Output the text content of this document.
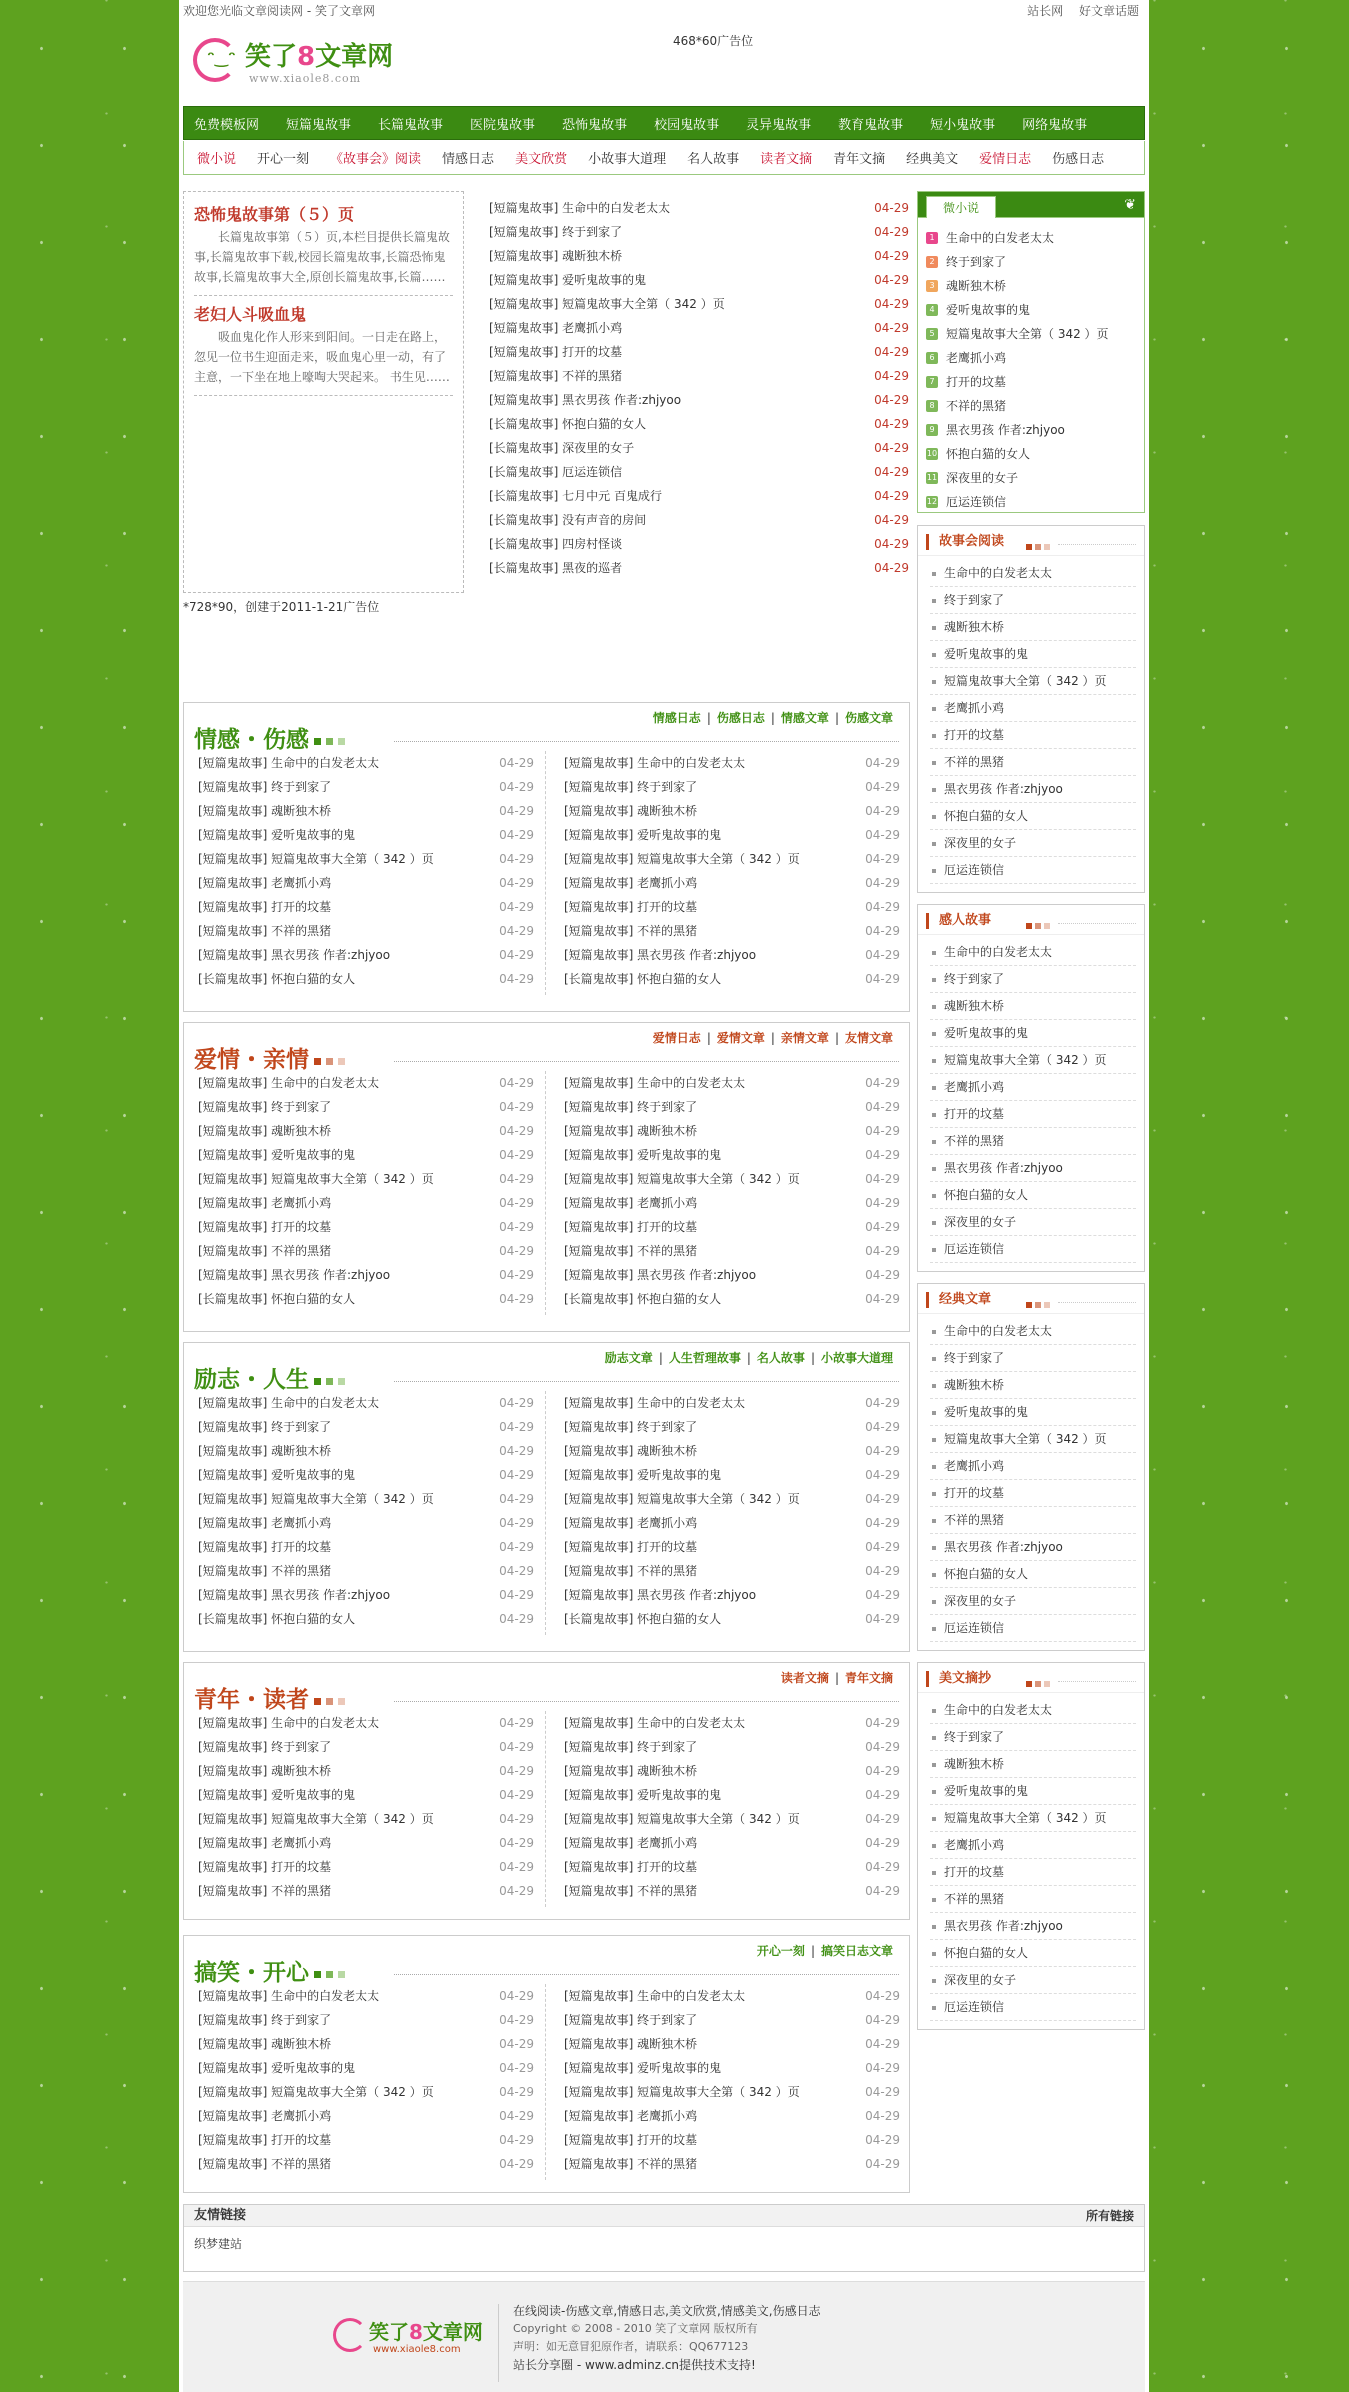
欢迎您光临文章阅读网 - 笑了文章网	站长网 好文章话题
ᵔ‿ᵔ 笑了8文章网
www.xiaole8.com
468*60广告位
免费模板网 短篇鬼故事 长篇鬼故事 医院鬼故事 恐怖鬼故事 校园鬼故事 灵异鬼故事 教育鬼故事 短小鬼故事 网络鬼故事
微小说 开心一刻 《故事会》阅读 情感日志 美文欣赏 小故事大道理 名人故事 读者文摘 青年文摘 经典美文 爱情日志 伤感日志
恐怖鬼故事第（５）页

长篇鬼故事第（５）页,本栏目提供长篇鬼故事,长篇鬼故事下载,校园长篇鬼故事,长篇恐怖鬼故事,长篇鬼故事大全,原创长篇鬼故事,长篇……

老妇人斗吸血鬼

吸血鬼化作人形来到阳间。一日走在路上，忽见一位书生迎面走来，吸血鬼心里一动，有了主意，一下坐在地上嚎啕大哭起来。 书生见……

[短篇鬼故事] 生命中的白发老太太	04-29
[短篇鬼故事] 终于到家了	04-29
[短篇鬼故事] 魂断独木桥	04-29
[短篇鬼故事] 爱听鬼故事的鬼	04-29
[短篇鬼故事] 短篇鬼故事大全第（ 342 ）页	04-29
[短篇鬼故事] 老鹰抓小鸡	04-29
[短篇鬼故事] 打开的坟墓	04-29
[短篇鬼故事] 不祥的黑猪	04-29
[短篇鬼故事] 黑衣男孩 作者:zhjyoo	04-29
[长篇鬼故事] 怀抱白猫的女人	04-29
[长篇鬼故事] 深夜里的女子	04-29
[长篇鬼故事] 厄运连锁信	04-29
[长篇鬼故事] 七月中元 百鬼成行	04-29
[长篇鬼故事] 没有声音的房间	04-29
[长篇鬼故事] 四房村怪谈	04-29
[长篇鬼故事] 黑夜的巡者	04-29
*728*90，创建于2011-1-21广告位
情感・伤感
情感日志 | 伤感日志 | 情感文章 | 伤感文章
[短篇鬼故事] 生命中的白发老太太	04-29
[短篇鬼故事] 终于到家了	04-29
[短篇鬼故事] 魂断独木桥	04-29
[短篇鬼故事] 爱听鬼故事的鬼	04-29
[短篇鬼故事] 短篇鬼故事大全第（ 342 ）页	04-29
[短篇鬼故事] 老鹰抓小鸡	04-29
[短篇鬼故事] 打开的坟墓	04-29
[短篇鬼故事] 不祥的黑猪	04-29
[短篇鬼故事] 黑衣男孩 作者:zhjyoo	04-29
[长篇鬼故事] 怀抱白猫的女人	04-29
[短篇鬼故事] 生命中的白发老太太	04-29
[短篇鬼故事] 终于到家了	04-29
[短篇鬼故事] 魂断独木桥	04-29
[短篇鬼故事] 爱听鬼故事的鬼	04-29
[短篇鬼故事] 短篇鬼故事大全第（ 342 ）页	04-29
[短篇鬼故事] 老鹰抓小鸡	04-29
[短篇鬼故事] 打开的坟墓	04-29
[短篇鬼故事] 不祥的黑猪	04-29
[短篇鬼故事] 黑衣男孩 作者:zhjyoo	04-29
[长篇鬼故事] 怀抱白猫的女人	04-29
爱情・亲情
爱情日志 | 爱情文章 | 亲情文章 | 友情文章
[短篇鬼故事] 生命中的白发老太太	04-29
[短篇鬼故事] 终于到家了	04-29
[短篇鬼故事] 魂断独木桥	04-29
[短篇鬼故事] 爱听鬼故事的鬼	04-29
[短篇鬼故事] 短篇鬼故事大全第（ 342 ）页	04-29
[短篇鬼故事] 老鹰抓小鸡	04-29
[短篇鬼故事] 打开的坟墓	04-29
[短篇鬼故事] 不祥的黑猪	04-29
[短篇鬼故事] 黑衣男孩 作者:zhjyoo	04-29
[长篇鬼故事] 怀抱白猫的女人	04-29
[短篇鬼故事] 生命中的白发老太太	04-29
[短篇鬼故事] 终于到家了	04-29
[短篇鬼故事] 魂断独木桥	04-29
[短篇鬼故事] 爱听鬼故事的鬼	04-29
[短篇鬼故事] 短篇鬼故事大全第（ 342 ）页	04-29
[短篇鬼故事] 老鹰抓小鸡	04-29
[短篇鬼故事] 打开的坟墓	04-29
[短篇鬼故事] 不祥的黑猪	04-29
[短篇鬼故事] 黑衣男孩 作者:zhjyoo	04-29
[长篇鬼故事] 怀抱白猫的女人	04-29
励志・人生
励志文章 | 人生哲理故事 | 名人故事 | 小故事大道理
[短篇鬼故事] 生命中的白发老太太	04-29
[短篇鬼故事] 终于到家了	04-29
[短篇鬼故事] 魂断独木桥	04-29
[短篇鬼故事] 爱听鬼故事的鬼	04-29
[短篇鬼故事] 短篇鬼故事大全第（ 342 ）页	04-29
[短篇鬼故事] 老鹰抓小鸡	04-29
[短篇鬼故事] 打开的坟墓	04-29
[短篇鬼故事] 不祥的黑猪	04-29
[短篇鬼故事] 黑衣男孩 作者:zhjyoo	04-29
[长篇鬼故事] 怀抱白猫的女人	04-29
[短篇鬼故事] 生命中的白发老太太	04-29
[短篇鬼故事] 终于到家了	04-29
[短篇鬼故事] 魂断独木桥	04-29
[短篇鬼故事] 爱听鬼故事的鬼	04-29
[短篇鬼故事] 短篇鬼故事大全第（ 342 ）页	04-29
[短篇鬼故事] 老鹰抓小鸡	04-29
[短篇鬼故事] 打开的坟墓	04-29
[短篇鬼故事] 不祥的黑猪	04-29
[短篇鬼故事] 黑衣男孩 作者:zhjyoo	04-29
[长篇鬼故事] 怀抱白猫的女人	04-29
青年・读者
读者文摘 | 青年文摘
[短篇鬼故事] 生命中的白发老太太	04-29
[短篇鬼故事] 终于到家了	04-29
[短篇鬼故事] 魂断独木桥	04-29
[短篇鬼故事] 爱听鬼故事的鬼	04-29
[短篇鬼故事] 短篇鬼故事大全第（ 342 ）页	04-29
[短篇鬼故事] 老鹰抓小鸡	04-29
[短篇鬼故事] 打开的坟墓	04-29
[短篇鬼故事] 不祥的黑猪	04-29
[短篇鬼故事] 生命中的白发老太太	04-29
[短篇鬼故事] 终于到家了	04-29
[短篇鬼故事] 魂断独木桥	04-29
[短篇鬼故事] 爱听鬼故事的鬼	04-29
[短篇鬼故事] 短篇鬼故事大全第（ 342 ）页	04-29
[短篇鬼故事] 老鹰抓小鸡	04-29
[短篇鬼故事] 打开的坟墓	04-29
[短篇鬼故事] 不祥的黑猪	04-29
搞笑・开心
开心一刻 | 搞笑日志文章
[短篇鬼故事] 生命中的白发老太太	04-29
[短篇鬼故事] 终于到家了	04-29
[短篇鬼故事] 魂断独木桥	04-29
[短篇鬼故事] 爱听鬼故事的鬼	04-29
[短篇鬼故事] 短篇鬼故事大全第（ 342 ）页	04-29
[短篇鬼故事] 老鹰抓小鸡	04-29
[短篇鬼故事] 打开的坟墓	04-29
[短篇鬼故事] 不祥的黑猪	04-29
[短篇鬼故事] 生命中的白发老太太	04-29
[短篇鬼故事] 终于到家了	04-29
[短篇鬼故事] 魂断独木桥	04-29
[短篇鬼故事] 爱听鬼故事的鬼	04-29
[短篇鬼故事] 短篇鬼故事大全第（ 342 ）页	04-29
[短篇鬼故事] 老鹰抓小鸡	04-29
[短篇鬼故事] 打开的坟墓	04-29
[短篇鬼故事] 不祥的黑猪	04-29
微小说	❦
1 生命中的白发老太太
2 终于到家了
3 魂断独木桥
4 爱听鬼故事的鬼
5 短篇鬼故事大全第（ 342 ）页
6 老鹰抓小鸡
7 打开的坟墓
8 不祥的黑猪
9 黑衣男孩 作者:zhjyoo
10 怀抱白猫的女人
11 深夜里的女子
12 厄运连锁信
故事会阅读
生命中的白发老太太
终于到家了
魂断独木桥
爱听鬼故事的鬼
短篇鬼故事大全第（ 342 ）页
老鹰抓小鸡
打开的坟墓
不祥的黑猪
黑衣男孩 作者:zhjyoo
怀抱白猫的女人
深夜里的女子
厄运连锁信
感人故事
生命中的白发老太太
终于到家了
魂断独木桥
爱听鬼故事的鬼
短篇鬼故事大全第（ 342 ）页
老鹰抓小鸡
打开的坟墓
不祥的黑猪
黑衣男孩 作者:zhjyoo
怀抱白猫的女人
深夜里的女子
厄运连锁信
经典文章
生命中的白发老太太
终于到家了
魂断独木桥
爱听鬼故事的鬼
短篇鬼故事大全第（ 342 ）页
老鹰抓小鸡
打开的坟墓
不祥的黑猪
黑衣男孩 作者:zhjyoo
怀抱白猫的女人
深夜里的女子
厄运连锁信
美文摘抄
生命中的白发老太太
终于到家了
魂断独木桥
爱听鬼故事的鬼
短篇鬼故事大全第（ 342 ）页
老鹰抓小鸡
打开的坟墓
不祥的黑猪
黑衣男孩 作者:zhjyoo
怀抱白猫的女人
深夜里的女子
厄运连锁信
友情链接	所有链接
织梦建站
笑了8文章网
www.xiaole8.com
在线阅读-伤感文章,情感日志,美文欣赏,情感美文,伤感日志
Copyright © 2008 - 2010 笑了文章网 版权所有
声明：如无意冒犯原作者，请联系：QQ677123
站长分享圈 - www.adminz.cn提供技术支持!
